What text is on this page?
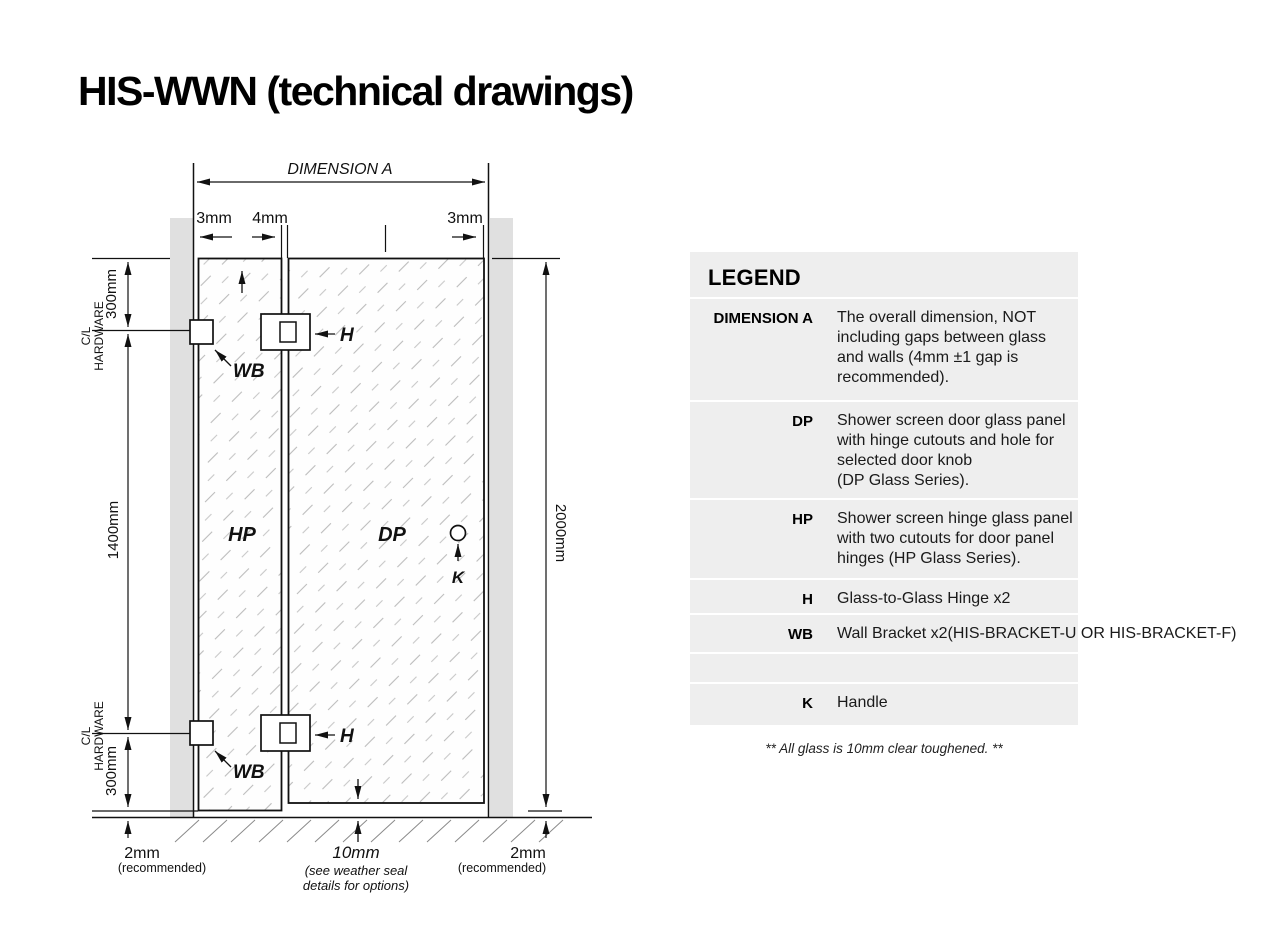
HIS-WWN (technical drawings)
DIMENSION A
3mm 4mm	3mm
300mm
1400mm
300mm
2000mm
C/L HARDWARE
C/L HARDWARE
HP	DP
H
H
WB
WB
K
2mm
(recommended)
10mm
(see weather seal
details for options)
2mm
(recommended)
LEGEND
DIMENSION A The overall dimension, NOT
including gaps between glass
and walls (4mm ±1 gap is
recommended).
DP Shower screen door glass panel
with hinge cutouts and hole for
selected door knob
(DP Glass Series).
HP Shower screen hinge glass panel
with two cutouts for door panel
hinges (HP Glass Series).
H Glass-to-Glass Hinge x2
WB Wall Bracket x2(HIS-BRACKET-U OR HIS-BRACKET-F)
K Handle
** All glass is 10mm clear toughened. **
